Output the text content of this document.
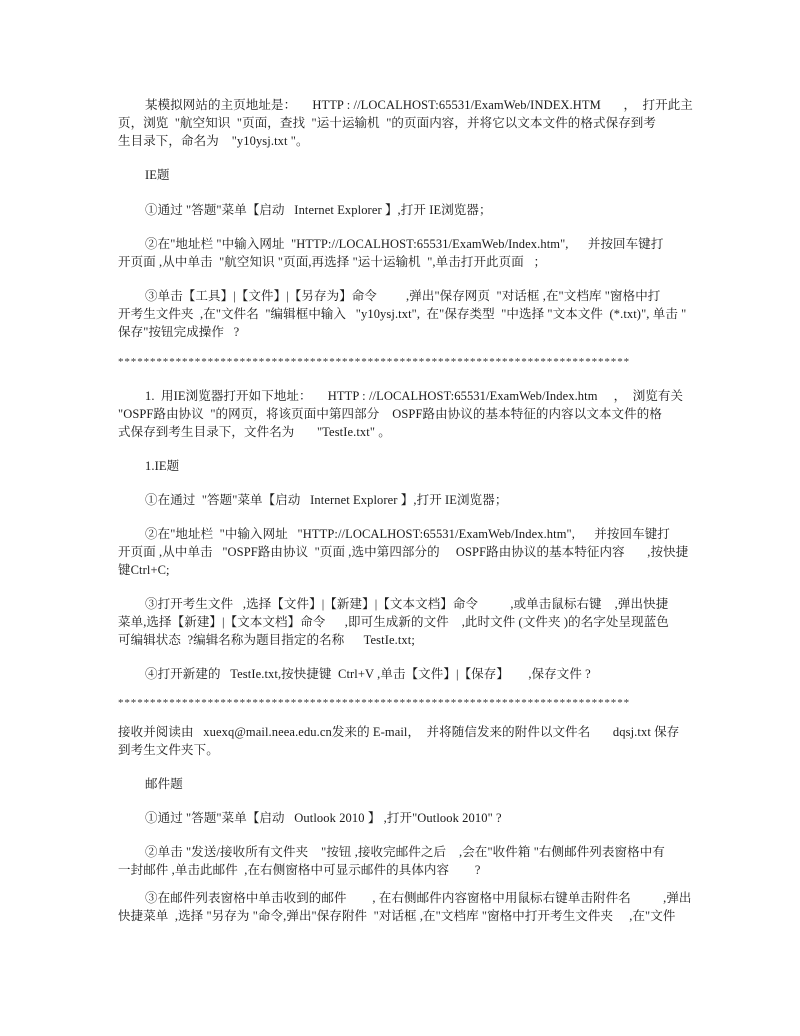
某模拟网站的主页地址是：     HTTP : //LOCALHOST:65531/ExamWeb/INDEX.HTM       ，  打开此主
页，浏览  "航空知识  "页面，查找  "运十运输机  "的页面内容，并将它以文本文件的格式保存到考
生目录下，命名为    "y10ysj.txt "。
IE题
①通过 "答题"菜单【启动   Internet Explorer 】,打开 IE浏览器；
②在"地址栏 "中输入网址  "HTTP://LOCALHOST:65531/ExamWeb/Index.htm",      并按回车键打
开页面 ,从中单击  "航空知识 "页面,再选择 "运十运输机  ",单击打开此页面   ；
③单击【工具】|【文件】|【另存为】命令         ,弹出"保存网页  "对话框 ,在"文档库 "窗格中打
开考生文件夹  ,在"文件名  "编辑框中输入   "y10ysj.txt",  在"保存类型  "中选择 "文本文件  (*.txt)", 单击 "
保存"按钮完成操作   ?
********************************************************************************
1.  用IE浏览器打开如下地址：     HTTP : //LOCALHOST:65531/ExamWeb/Index.htm     ，  浏览有关
"OSPF路由协议  "的网页，将该页面中第四部分    OSPF路由协议的基本特征的内容以文本文件的格
式保存到考生目录下，文件名为       "TestIe.txt" 。
1.IE题
①在通过  "答题"菜单【启动   Internet Explorer 】,打开 IE浏览器；
②在"地址栏  "中输入网址   "HTTP://LOCALHOST:65531/ExamWeb/Index.htm",      并按回车键打
开页面 ,从中单击   "OSPF路由协议  "页面 ,选中第四部分的     OSPF路由协议的基本特征内容       ,按快捷
键Ctrl+C;
③打开考生文件   ,选择【文件】|【新建】|【文本文档】命令          ,或单击鼠标右键    ,弹出快捷
菜单,选择【新建】|【文本文档】命令      ,即可生成新的文件    ,此时文件 (文件夹 )的名字处呈现蓝色
可编辑状态  ?编辑名称为题目指定的名称      TestIe.txt;
④打开新建的   TestIe.txt,按快捷键  Ctrl+V ,单击【文件】|【保存】      ,保存文件 ?
********************************************************************************
接收并阅读由   xuexq@mail.neea.edu.cn发来的 E-mail，  并将随信发来的附件以文件名       dqsj.txt 保存
到考生文件夹下。
邮件题
①通过 "答题"菜单【启动   Outlook 2010 】 ,打开"Outlook 2010" ?
②单击 "发送/接收所有文件夹    "按钮 ,接收完邮件之后    ,会在"收件箱 "右侧邮件列表窗格中有
一封邮件 ,单击此邮件  ,在右侧窗格中可显示邮件的具体内容        ?
③在邮件列表窗格中单击收到的邮件        , 在右侧邮件内容窗格中用鼠标右键单击附件名          ,弹出
快捷菜单  ,选择 "另存为 "命令,弹出"保存附件  "对话框 ,在"文档库 "窗格中打开考生文件夹     ,在"文件
